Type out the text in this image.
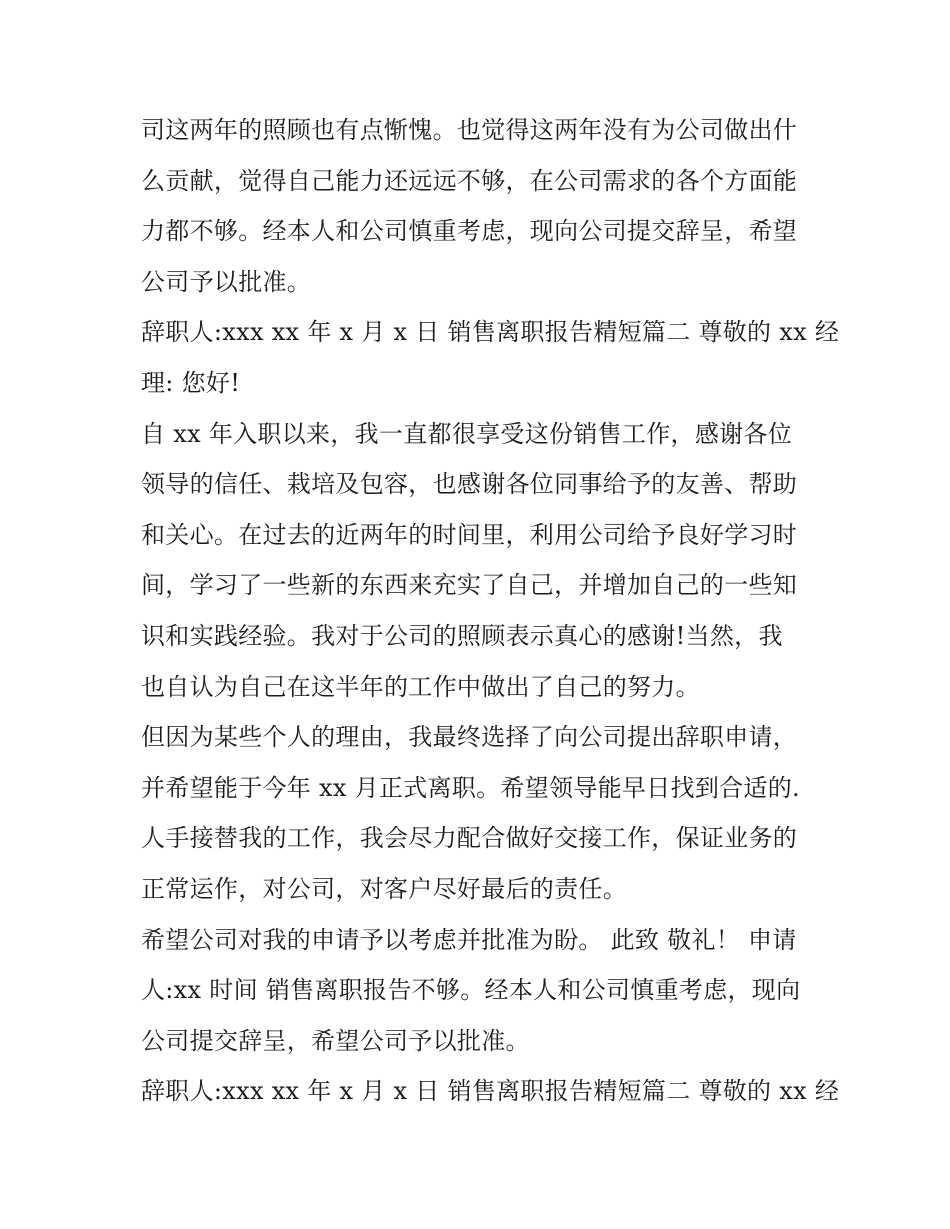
司这两年的照顾也有点惭愧。也觉得这两年没有为公司做出什
么贡献，觉得自己能力还远远不够，在公司需求的各个方面能
力都不够。经本人和公司慎重考虑，现向公司提交辞呈，希望
公司予以批准。
辞职人:xxx xx 年 x 月 x 日 销售离职报告精短篇二 尊敬的 xx 经
理: 您好!
自 xx 年入职以来，我一直都很享受这份销售工作，感谢各位
领导的信任、栽培及包容，也感谢各位同事给予的友善、帮助
和关心。在过去的近两年的时间里，利用公司给予良好学习时
间，学习了一些新的东西来充实了自己，并增加自己的一些知
识和实践经验。我对于公司的照顾表示真心的感谢!当然，我
也自认为自己在这半年的工作中做出了自己的努力。
但因为某些个人的理由，我最终选择了向公司提出辞职申请，
并希望能于今年 xx 月正式离职。希望领导能早日找到合适的.
人手接替我的工作，我会尽力配合做好交接工作，保证业务的
正常运作，对公司，对客户尽好最后的责任。
希望公司对我的申请予以考虑并批准为盼。 此致 敬礼！ 申请
人:xx 时间 销售离职报告不够。经本人和公司慎重考虑，现向
公司提交辞呈，希望公司予以批准。
辞职人:xxx xx 年 x 月 x 日 销售离职报告精短篇二 尊敬的 xx 经
